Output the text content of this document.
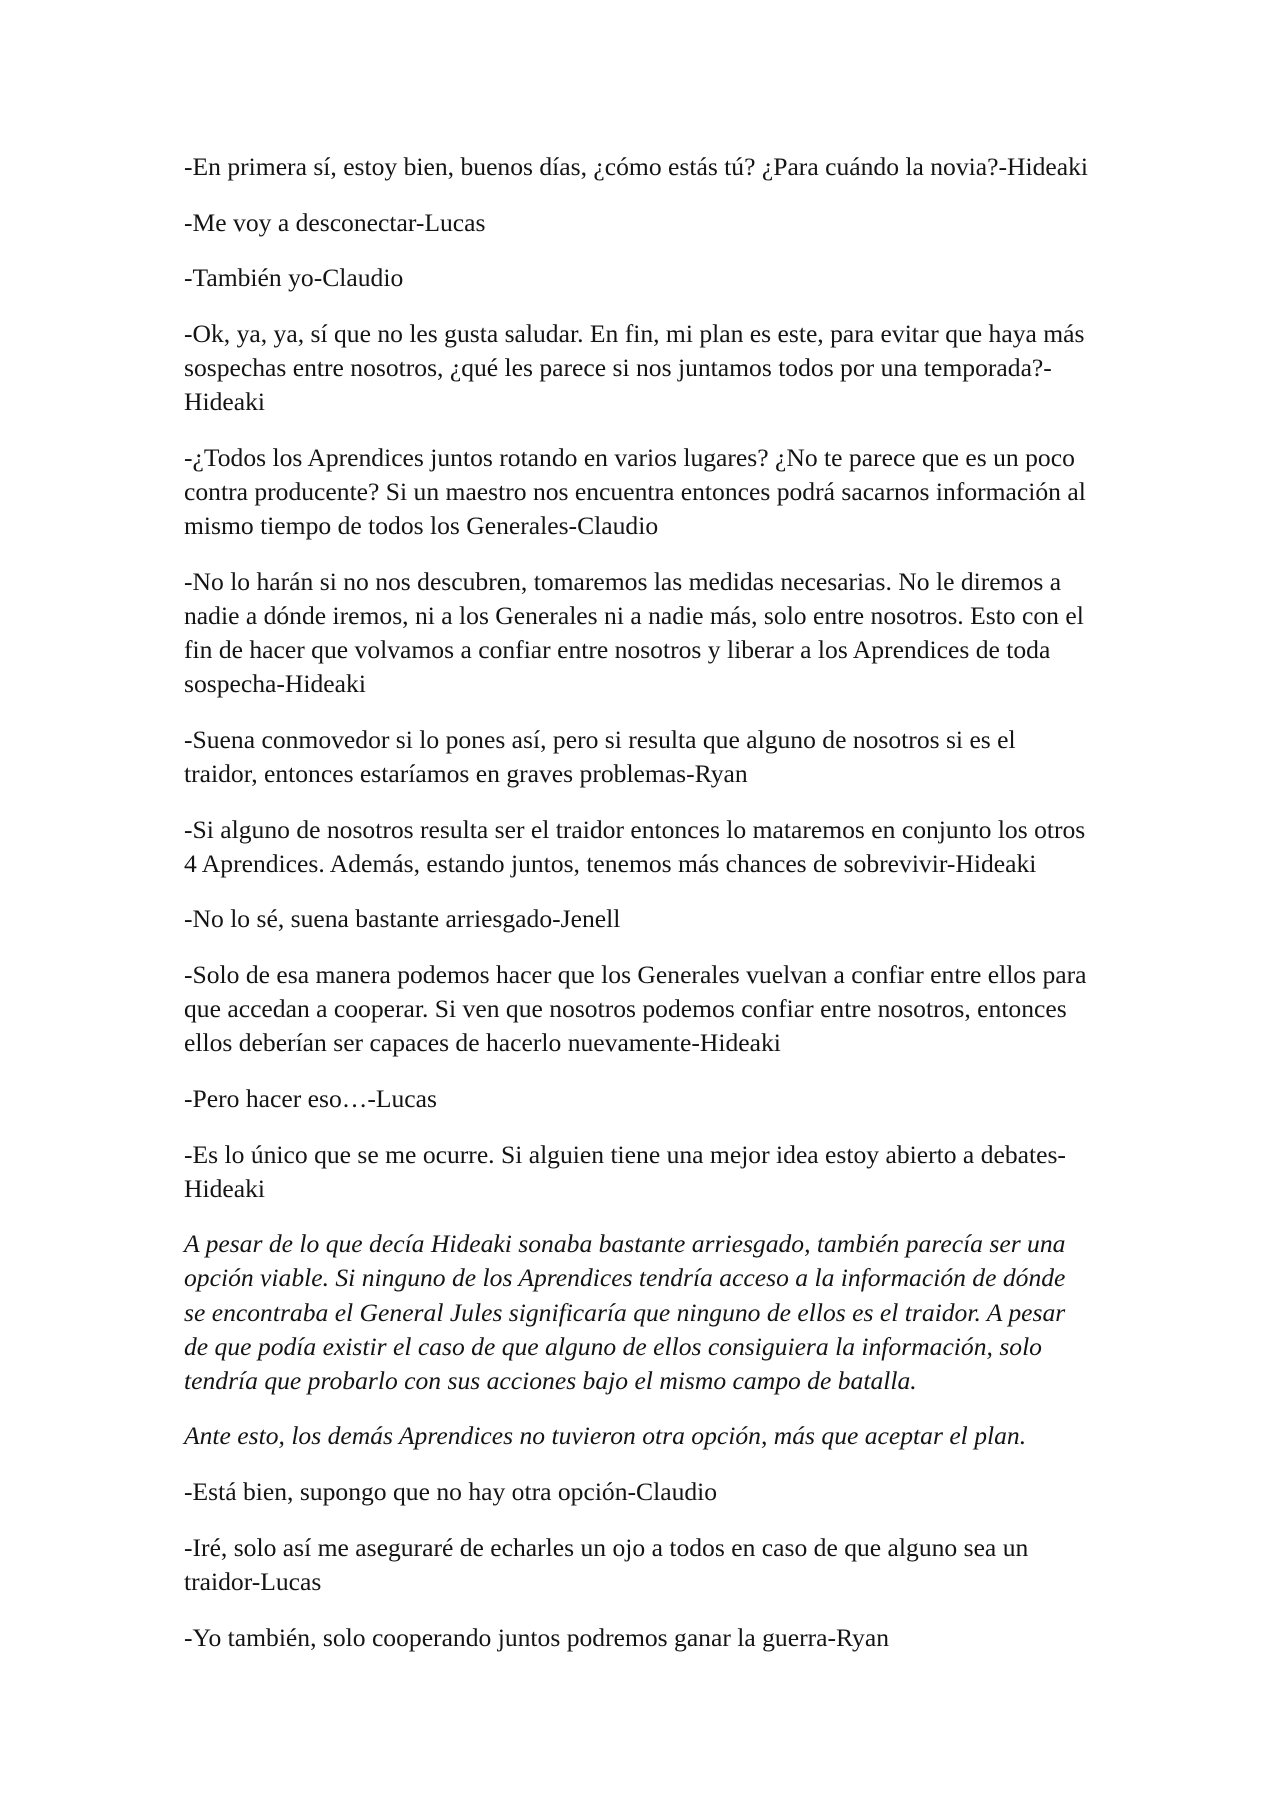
-En primera sí, estoy bien, buenos días, ¿cómo estás tú? ¿Para cuándo la novia?-Hideaki

-Me voy a desconectar-Lucas

-También yo-Claudio

-Ok, ya, ya, sí que no les gusta saludar. En fin, mi plan es este, para evitar que haya más
sospechas entre nosotros, ¿qué les parece si nos juntamos todos por una temporada?-
Hideaki

-¿Todos los Aprendices juntos rotando en varios lugares? ¿No te parece que es un poco
contra producente? Si un maestro nos encuentra entonces podrá sacarnos información al
mismo tiempo de todos los Generales-Claudio

-No lo harán si no nos descubren, tomaremos las medidas necesarias. No le diremos a
nadie a dónde iremos, ni a los Generales ni a nadie más, solo entre nosotros. Esto con el
fin de hacer que volvamos a confiar entre nosotros y liberar a los Aprendices de toda
sospecha-Hideaki

-Suena conmovedor si lo pones así, pero si resulta que alguno de nosotros si es el
traidor, entonces estaríamos en graves problemas-Ryan

-Si alguno de nosotros resulta ser el traidor entonces lo mataremos en conjunto los otros
4 Aprendices. Además, estando juntos, tenemos más chances de sobrevivir-Hideaki

-No lo sé, suena bastante arriesgado-Jenell

-Solo de esa manera podemos hacer que los Generales vuelvan a confiar entre ellos para
que accedan a cooperar. Si ven que nosotros podemos confiar entre nosotros, entonces
ellos deberían ser capaces de hacerlo nuevamente-Hideaki

-Pero hacer eso…-Lucas

-Es lo único que se me ocurre. Si alguien tiene una mejor idea estoy abierto a debates-
Hideaki

A pesar de lo que decía Hideaki sonaba bastante arriesgado, también parecía ser una
opción viable. Si ninguno de los Aprendices tendría acceso a la información de dónde
se encontraba el General Jules significaría que ninguno de ellos es el traidor. A pesar
de que podía existir el caso de que alguno de ellos consiguiera la información, solo
tendría que probarlo con sus acciones bajo el mismo campo de batalla.

Ante esto, los demás Aprendices no tuvieron otra opción, más que aceptar el plan.

-Está bien, supongo que no hay otra opción-Claudio

-Iré, solo así me aseguraré de echarles un ojo a todos en caso de que alguno sea un
traidor-Lucas

-Yo también, solo cooperando juntos podremos ganar la guerra-Ryan
